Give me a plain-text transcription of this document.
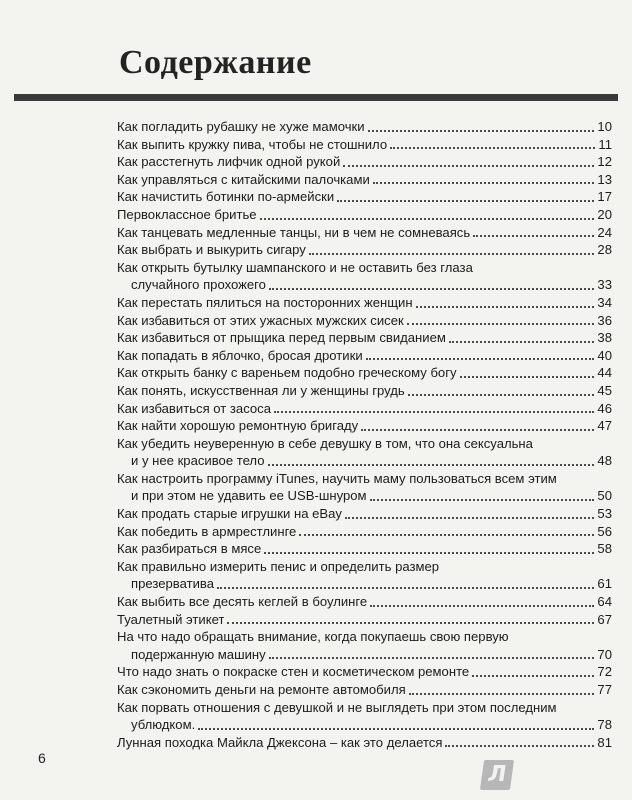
Содержание
Как погладить рубашку не хуже мамочки	10
Как выпить кружку пива, чтобы не стошнило	11
Как расстегнуть лифчик одной рукой	12
Как управляться с китайскими палочками	13
Как начистить ботинки по-армейски	17
Первоклассное бритье	20
Как танцевать медленные танцы, ни в чем не сомневаясь	24
Как выбрать и выкурить сигару	28
Как открыть бутылку шампанского и не оставить без глаза
случайного прохожего	33
Как перестать пялиться на посторонних женщин	34
Как избавиться от этих ужасных мужских сисек	36
Как избавиться от прыщика перед первым свиданием	38
Как попадать в яблочко, бросая дротики	40
Как открыть банку с вареньем подобно греческому богу	44
Как понять, искусственная ли у женщины грудь	45
Как избавиться от засоса	46
Как найти хорошую ремонтную бригаду	47
Как убедить неуверенную в себе девушку в том, что она сексуальна
и у нее красивое тело	48
Как настроить программу iTunes, научить маму пользоваться всем этим
и при этом не удавить ее USB-шнуром	50
Как продать старые игрушки на eBay	53
Как победить в армрестлинге	56
Как разбираться в мясе	58
Как правильно измерить пенис и определить размер
презерватива	61
Как выбить все десять кеглей в боулинге	64
Туалетный этикет	67
На что надо обращать внимание, когда покупаешь свою первую
подержанную машину	70
Что надо знать о покраске стен и косметическом ремонте	72
Как сэкономить деньги на ремонте автомобиля	77
Как порвать отношения с девушкой и не выглядеть при этом последним
ублюдком.	78
Лунная походка Майкла Джексона – как это делается	81
6
Л
